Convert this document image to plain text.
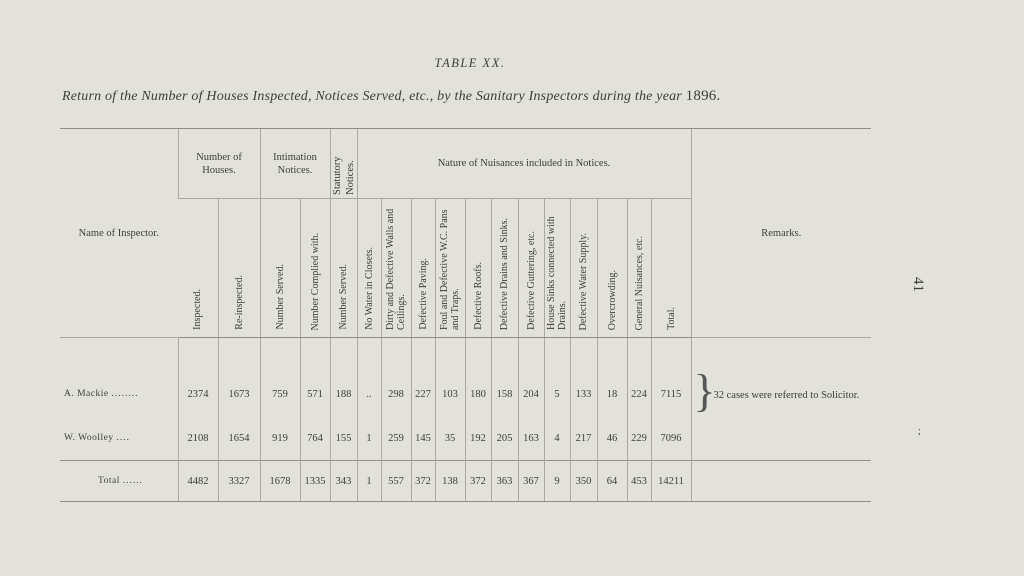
TABLE XX.
Return of the Number of Houses Inspected, Notices Served, etc., by the Sanitary Inspectors during the year 1896.
41
;
Name of Inspector.	Number of Houses.		Intimation Notices.		Statutory Notices.	Nature of Nuisances included in Notices.												Remarks.
	Inspected.	Re-inspected.	Number Served.	Number Complied with.	Number Served.	No Water in Closets.	Dirty and Defective Walls and Ceilings.	Defective Paving.	Foul and Defective W.C. Pans and Traps.	Defective Roofs.	Defective Drains and Sinks.	Defective Guttering, etc.	House Sinks connected with Drains.	Defective Water Supply.	Overcrowding.	General Nuisances, etc.	Total.	
A. Mackie ........	2374	1673	759	571	188	..	298	227	103	180	158	204	5	133	18	224	7115	}
32 cases were referred to Solicitor.

W. Woolley ....	2108	1654	919	764	155	1	259	145	35	192	205	163	4	217	46	229	7096	
Total ......	4482	3327	1678	1335	343	1	557	372	138	372	363	367	9	350	64	453	14211	
